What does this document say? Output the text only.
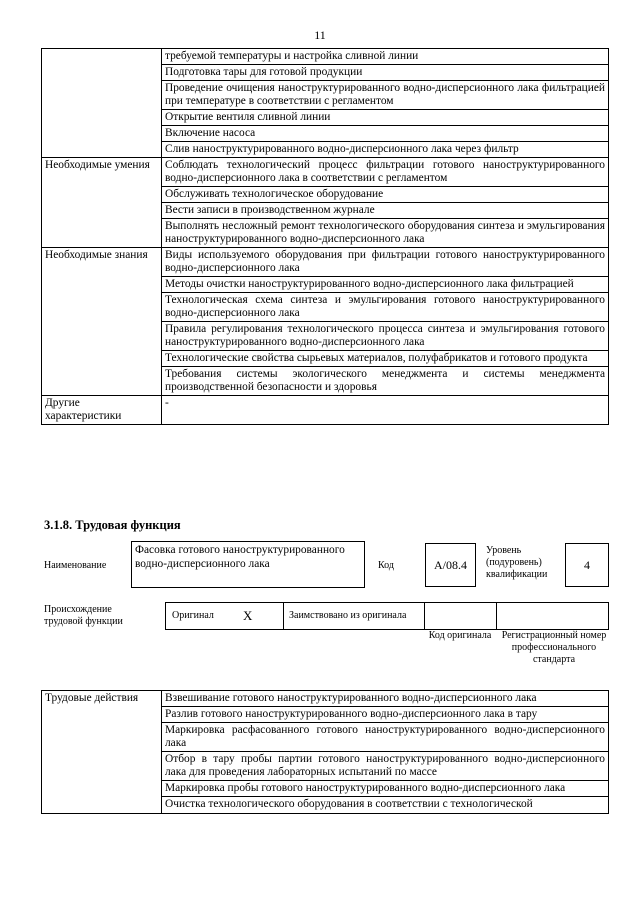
11
	требуемой температуры и настройка сливной линии
	Подготовка тары для готовой продукции
	Проведение очищения наноструктурированного водно-дисперсионного лака фильтрацией при температуре в соответствии с регламентом
	Открытие вентиля сливной линии
	Включение насоса
	Слив наноструктурированного водно-дисперсионного лака через фильтр
Необходимые умения	Соблюдать технологический процесс фильтрации готового наноструктурированного водно-дисперсионного лака в соответствии с регламентом
	Обслуживать технологическое оборудование
	Вести записи в производственном журнале
	Выполнять несложный ремонт технологического оборудования синтеза и эмульгирования наноструктурированного водно-дисперсионного лака
Необходимые знания	Виды используемого оборудования при фильтрации готового наноструктурированного водно-дисперсионного лака
	Методы очистки наноструктурированного водно-дисперсионного лака фильтрацией
	Технологическая схема синтеза и эмульгирования готового наноструктурированного водно-дисперсионного лака
	Правила регулирования технологического процесса синтеза и эмульгирования готового наноструктурированного водно-дисперсионного лака
	Технологические свойства сырьевых материалов, полуфабрикатов и готового продукта
	Требования системы экологического менеджмента и системы менеджмента производственной безопасности и здоровья
Другие характеристики	-
3.1.8. Трудовая функция
Наименование
Фасовка готового наноструктурированного водно-дисперсионного лака	Код	А/08.4
Уровень (подуровень) квалификации
4
Происхождение трудовой функции
Оригинал X	Заимствовано из оригинала
Код оригинала Регистрационный номер профессионального стандарта
Трудовые действия	Взвешивание готового наноструктурированного водно-дисперсионного лака
Разлив готового наноструктурированного водно-дисперсионного лака в тару
Маркировка расфасованного готового наноструктурированного водно-дисперсионного лака
Отбор в тару пробы партии готового наноструктурированного водно-дисперсионного лака для проведения лабораторных испытаний по массе
Маркировка пробы готового наноструктурированного водно-дисперсионного лака
Очистка технологического оборудования в соответствии с технологической
